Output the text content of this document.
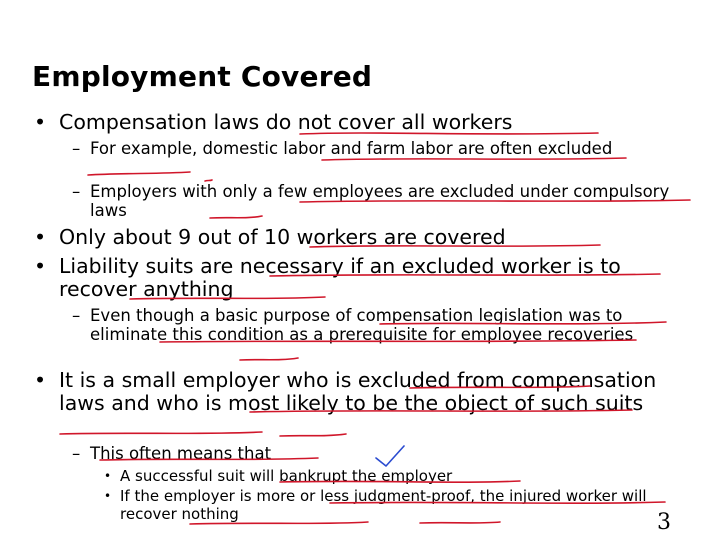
Employment Covered
• Compensation laws do not cover all workers
– For example, domestic labor and farm labor are often excluded
– Employers with only a few employees are excluded under compulsory laws
• Only about 9 out of 10 workers are covered
• Liability suits are necessary if an excluded worker is to recover anything
– Even though a basic purpose of compensation legislation was to eliminate this condition as a prerequisite for employee recoveries
• It is a small employer who is excluded from compensation laws and who is most likely to be the object of such suits
– This often means that
• A successful suit will bankrupt the employer
• If the employer is more or less judgment-proof, the injured worker will recover nothing	3
